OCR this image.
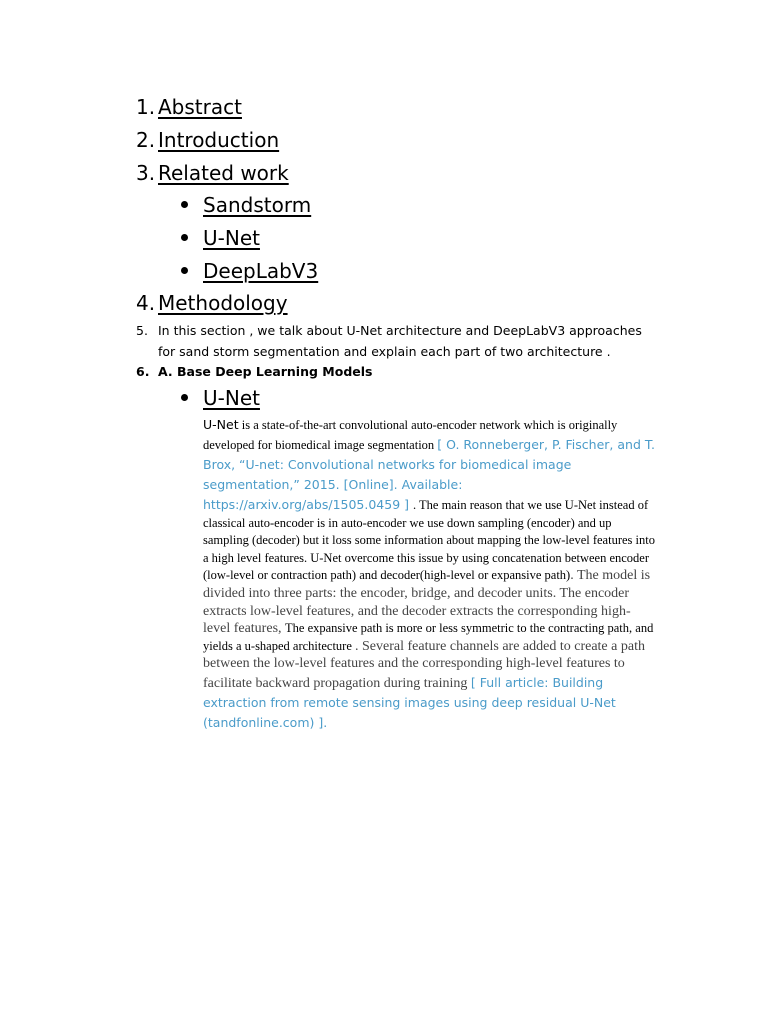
1. Abstract
2. Introduction
3. Related work
Sandstorm
U-Net
DeepLabV3
4. Methodology
5. In this section , we talk about U-Net architecture and DeepLabV3 approaches for sand storm segmentation and explain each part of two architecture .
6. A. Base Deep Learning Models
U-Net
U-Net is a state-of-the-art convolutional auto-encoder network which is originally developed for biomedical image segmentation [ O. Ronneberger, P. Fischer, and T. Brox, “U-net: Convolutional networks for biomedical image segmentation,” 2015. [Online]. Available: https://arxiv.org/abs/1505.0459 ] . The main reason that we use U-Net instead of classical auto-encoder is in auto-encoder we use down sampling (encoder) and up sampling (decoder) but it loss some information about mapping the low-level features into a high level features. U-Net overcome this issue by using concatenation between encoder (low-level or contraction path) and decoder(high-level or expansive path). The model is divided into three parts: the encoder, bridge, and decoder units. The encoder extracts low-level features, and the decoder extracts the corresponding high-level features, The expansive path is more or less symmetric to the contracting path, and yields a u-shaped architecture . Several feature channels are added to create a path between the low-level features and the corresponding high-level features to facilitate backward propagation during training [ Full article: Building extraction from remote sensing images using deep residual U-Net (tandfonline.com) ].
